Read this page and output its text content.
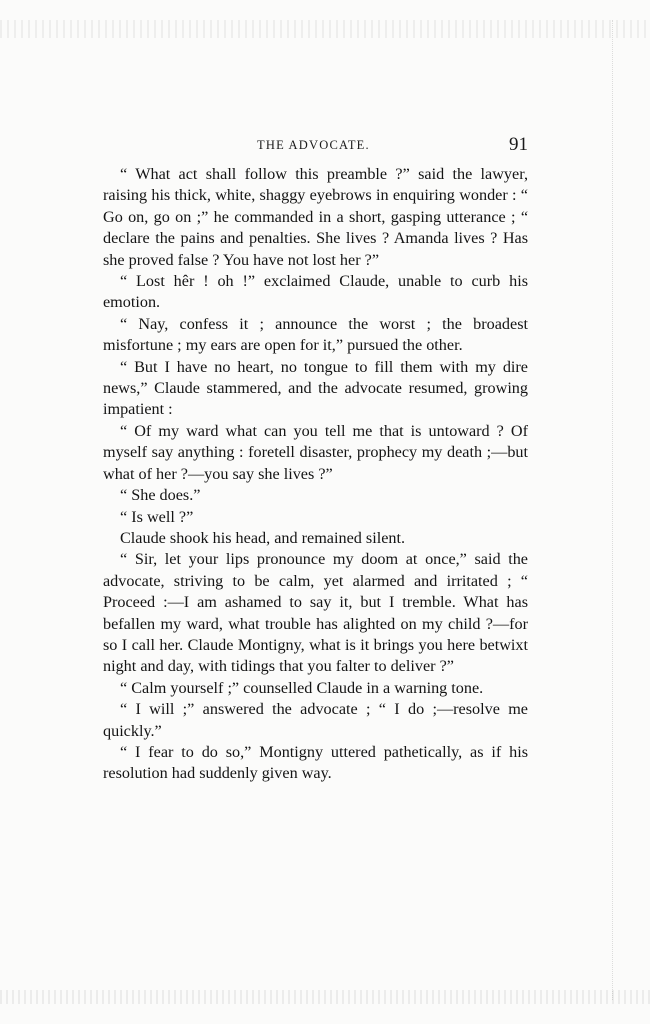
THE ADVOCATE.	91

“ What act shall follow this preamble ?” said the lawyer, raising his thick, white, shaggy eyebrows in enquiring wonder : “ Go on, go on ;” he commanded in a short, gasping utterance ; “ declare the pains and penalties. She lives ? Amanda lives ? Has she proved false ? You have not lost her ?”

“ Lost hêr ! oh !” exclaimed Claude, unable to curb his emotion.

“ Nay, confess it ; announce the worst ; the broadest misfortune ; my ears are open for it,” pursued the other.

“ But I have no heart, no tongue to fill them with my dire news,” Claude stammered, and the advocate resumed, growing impatient :

“ Of my ward what can you tell me that is untoward ? Of myself say anything : foretell disaster, prophecy my death ;—but what of her ?—you say she lives ?”

“ She does.”

“ Is well ?”

Claude shook his head, and remained silent.

“ Sir, let your lips pronounce my doom at once,” said the advocate, striving to be calm, yet alarmed and irritated ; “ Proceed :—I am ashamed to say it, but I tremble. What has befallen my ward, what trouble has alighted on my child ?—for so I call her. Claude Montigny, what is it brings you here betwixt night and day, with tidings that you falter to deliver ?”

“ Calm yourself ;” counselled Claude in a warning tone.

“ I will ;” answered the advocate ; “ I do ;—resolve me quickly.”

“ I fear to do so,” Montigny uttered pathetically, as if his resolution had suddenly given way.
